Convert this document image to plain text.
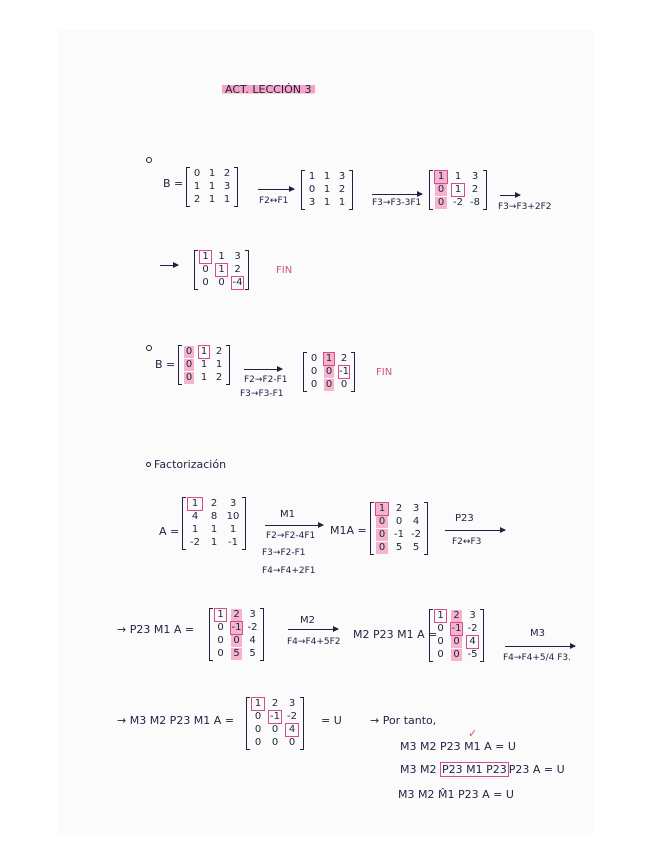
ACT. LECCIÓN 3
B =
0 1 2
1 1 3
2 1 1	F2↔F1
1 1 3
0 1 2
3 1 1	F3→F3-3F1
1 1 3
0 1 2
0 -2 -8 F3→F3+2F2
1 1 3
0 1 2
0 0 -4
FIN
B =
0 1 2
0 1 1
0 1 2 F2→F2-F1
F3→F3-F1
0 1 2
0 0 -1
0 0 0
FIN
Factorización
A =
1	2	3
4	8 10
1	1	1
-2	1	-1
M1
F2→F2-4F1
F3→F2-F1
F4→F4+2F1
M1A =
1 2 3
0 0 4
0 -1 -2
0 5 5
P23
F2↔F3
→ P23 M1 A =
1 2 3
0 -1 -2
0 0 4
0 5 5
M2
F4→F4+5F2
M2 P23 M1 A =
1 2 3
0 -1 -2
0 0 4
0 0 -5
M3
F4→F4+5/4 F3.
→ M3 M2 P23 M1 A =
1 2 3
0 -1 -2
0 0 4
0 0 0
= U	→ Por tanto,
✓
M3 M2 P23 M1 A = U
M3 M2 P23 M1 P23 P23 A = U
M3 M2 M̂1 P23 A = U
